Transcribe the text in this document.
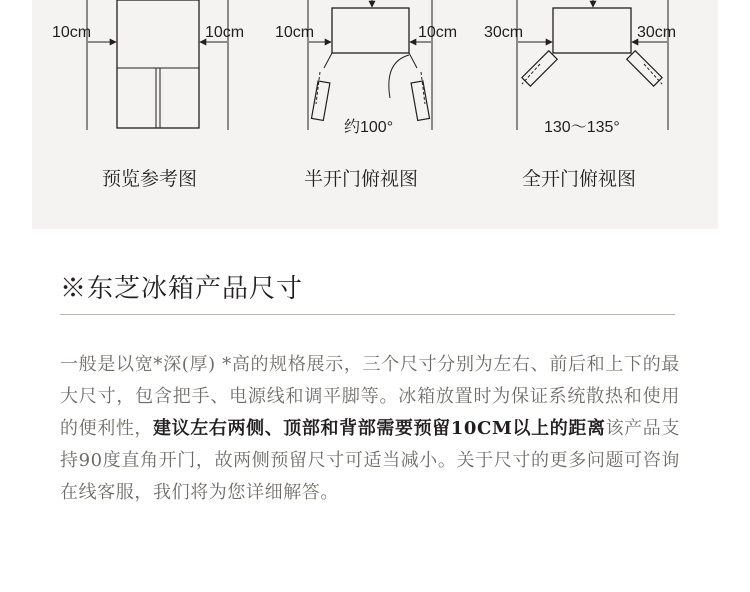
10cm	10cm 10cm	10cm
约100°
30cm	30cm
130～135°
预览参考图	半开门俯视图	全开门俯视图
※东芝冰箱产品尺寸

一般是以宽*深(厚) *高的规格展示，三个尺寸分别为左右、前后和上下的最大尺寸，包含把手、电源线和调平脚等。冰箱放置时为保证系统散热和使用的便利性，建议左右两侧、顶部和背部需要预留10CM以上的距离该产品支持90度直角开门，故两侧预留尺寸可适当减小。关于尺寸的更多问题可咨询在线客服，我们将为您详细解答。
